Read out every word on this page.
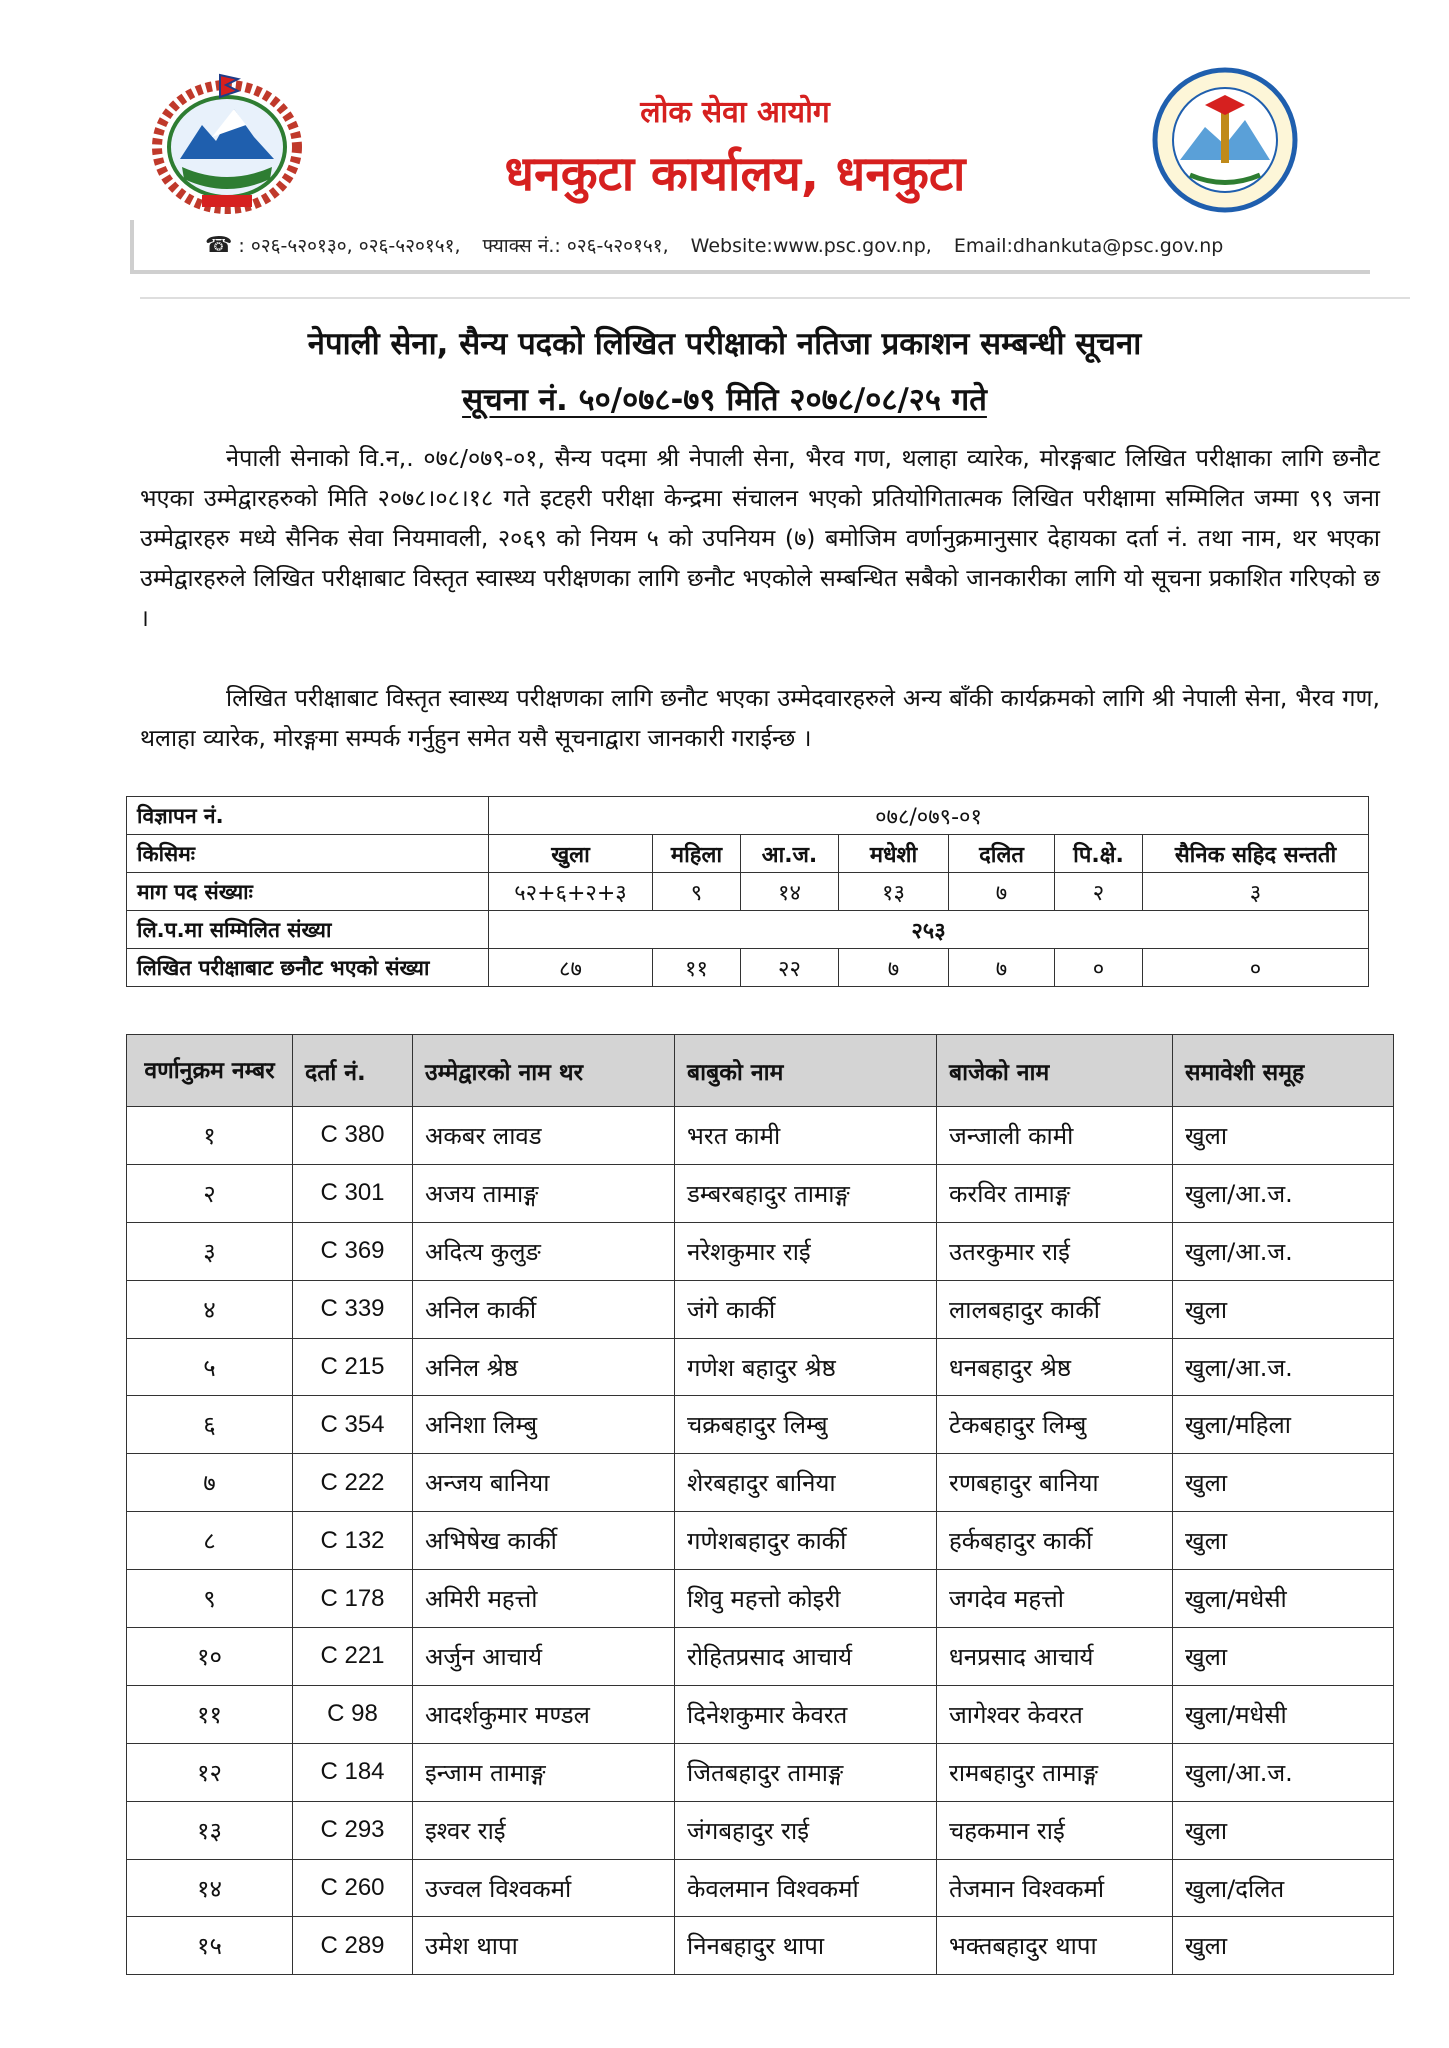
लोक सेवा आयोग
धनकुटा कार्यालय, धनकुटा
☎ : ०२६-५२०१३०, ०२६-५२०१५१, फ्याक्स नं.: ०२६-५२०१५१, Website:www.psc.gov.np, Email:dhankuta@psc.gov.np
नेपाली सेना, सैन्य पदको लिखित परीक्षाको नतिजा प्रकाशन सम्बन्धी सूचना
सूचना नं. ५०/०७८-७९ मिति २०७८/०८/२५ गते

नेपाली सेनाको वि.न,. ०७८/०७९-०१, सैन्य पदमा श्री नेपाली सेना, भैरव गण, थलाहा व्यारेक, मोरङ्गबाट लिखित परीक्षाका लागि छनौट भएका उम्मेद्वारहरुको मिति २०७८।०८।१८ गते इटहरी परीक्षा केन्द्रमा संचालन भएको प्रतियोगितात्मक लिखित परीक्षामा सम्मिलित जम्मा ९९ जना उम्मेद्वारहरु मध्ये सैनिक सेवा नियमावली, २०६९ को नियम ५ को उपनियम (७) बमोजिम वर्णानुक्रमानुसार देहायका दर्ता नं. तथा नाम, थर भएका उम्मेद्वारहरुले लिखित परीक्षाबाट विस्तृत स्वास्थ्य परीक्षणका लागि छनौट भएकोले सम्बन्धित सबैको जानकारीका लागि यो सूचना प्रकाशित गरिएको छ ।

लिखित परीक्षाबाट विस्तृत स्वास्थ्य परीक्षणका लागि छनौट भएका उम्मेदवारहरुले अन्य बाँकी कार्यक्रमको लागि श्री नेपाली सेना, भैरव गण, थलाहा व्यारेक, मोरङ्गमा सम्पर्क गर्नुहुन समेत यसै सूचनाद्वारा जानकारी गराईन्छ ।

विज्ञापन नं.	०७८/०७९-०१						
किसिमः	खुला	महिला	आ.ज.	मधेशी	दलित	पि.क्षे.	सैनिक सहिद सन्तती
माग पद संख्याः	५२+६+२+३	९	१४	१३	७	२	३
लि.प.मा सम्मिलित संख्या	२५३						
लिखित परीक्षाबाट छनौट भएको संख्या	८७	११	२२	७	७	०	०
वर्णानुक्रम नम्बर	दर्ता नं.	उम्मेद्वारको नाम थर	बाबुको नाम	बाजेको नाम	समावेशी समूह
१	C 380	अकबर लावड	भरत कामी	जन्जाली कामी	खुला
२	C 301	अजय तामाङ्ग	डम्बरबहादुर तामाङ्ग	करविर तामाङ्ग	खुला/आ.ज.
३	C 369	अदित्य कुलुङ	नरेशकुमार राई	उतरकुमार राई	खुला/आ.ज.
४	C 339	अनिल कार्की	जंगे कार्की	लालबहादुर कार्की	खुला
५	C 215	अनिल श्रेष्ठ	गणेश बहादुर श्रेष्ठ	धनबहादुर श्रेष्ठ	खुला/आ.ज.
६	C 354	अनिशा लिम्बु	चक्रबहादुर लिम्बु	टेकबहादुर लिम्बु	खुला/महिला
७	C 222	अन्जय बानिया	शेरबहादुर बानिया	रणबहादुर बानिया	खुला
८	C 132	अभिषेख कार्की	गणेशबहादुर कार्की	हर्कबहादुर कार्की	खुला
९	C 178	अमिरी महत्तो	शिवु महत्तो कोइरी	जगदेव महत्तो	खुला/मधेसी
१०	C 221	अर्जुन आचार्य	रोहितप्रसाद आचार्य	धनप्रसाद आचार्य	खुला
११	C 98	आदर्शकुमार मण्डल	दिनेशकुमार केवरत	जागेश्वर केवरत	खुला/मधेसी
१२	C 184	इन्जाम तामाङ्ग	जितबहादुर तामाङ्ग	रामबहादुर तामाङ्ग	खुला/आ.ज.
१३	C 293	इश्वर राई	जंगबहादुर राई	चहकमान राई	खुला
१४	C 260	उज्वल विश्वकर्मा	केवलमान विश्वकर्मा	तेजमान विश्वकर्मा	खुला/दलित
१५	C 289	उमेश थापा	निनबहादुर थापा	भक्तबहादुर थापा	खुला
